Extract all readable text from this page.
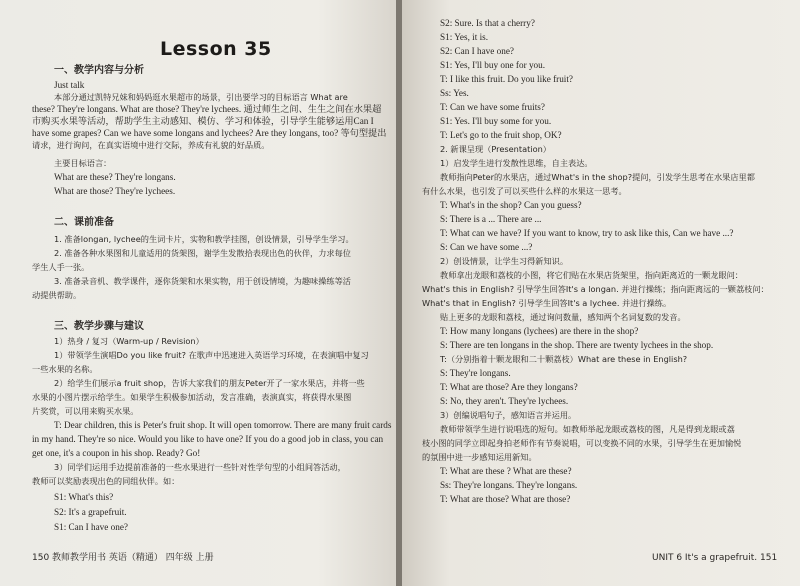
Lesson 35
一、教学内容与分析
Just talk
本部分通过凯特兄妹和妈妈逛水果超市的场景，引出要学习的目标语言 What are
these? They're longans. What are those? They're lychees. 通过师生之间、生生之间在水果超
市购买水果等活动，帮助学生主动感知、模仿、学习和体验，引导学生能够运用Can I
have some grapes? Can we have some longans and lychees? Are they longans, too? 等句型提出
请求，进行询问，在真实语境中进行交际，养成有礼貌的好品质。
主要目标语言：
What are these? They're longans.
What are those? They're lychees.
二、课前准备
1. 准备longan, lychee的生词卡片，实物和教学挂图，创设情景，引导学生学习。
2. 准备各种水果图和儿童适用的货架图，谢学生发散拾表现出色的伙伴，力求每位
学生人手一张。
3. 准备录音机、教学课件，逐你货架和水果实物，用于创设情境，为趣味操练等活
动提供帮助。
三、教学步骤与建议
1）热身 / 复习（Warm-up / Revision）
1）带领学生演唱Do you like fruit? 在歌声中迅速进入英语学习环境，在表演唱中复习
一些水果的名称。
2）给学生们展示a fruit shop，告诉大家我们的朋友Peter开了一家水果店，并将一些
水果的小图片摆示给学生。如果学生积极参加活动，发言准确，表演真实，将获得水果图
片奖赏，可以用来购买水果。
T: Dear children, this is Peter's fruit shop. It will open tomorrow. There are many fruit cards
in my hand. They're so nice. Would you like to have one? If you do a good job in class, you can
get one, it's a coupon in his shop. Ready? Go!
3）同学们运用手边提前准备的一些水果进行一些针对性学句型的小组间答活动，
教师可以奖励表现出色的同组伙伴。如：
S1: What's this?
S2: It's a grapefruit.
S1: Can I have one?
150 教师教学用书 英语（精通） 四年级 上册
S2: Sure. Is that a cherry?
S1: Yes, it is.
S2: Can I have one?
S1: Yes, I'll buy one for you.
T: I like this fruit. Do you like fruit?
Ss: Yes.
T: Can we have some fruits?
S1: Yes. I'll buy some for you.
T: Let's go to the fruit shop, OK?
2. 新课呈现（Presentation）
1）启发学生进行发散性思维，自主表达。
教师指向Peter的水果店，通过What's in the shop?提问，引发学生思考在水果店里都
有什么水果，也引发了可以买些什么样的水果这一思考。
T: What's in the shop? Can you guess?
S: There is a ... There are ...
T: What can we have? If you want to know, try to ask like this, Can we have ...?
S: Can we have some ...?
2）创设情景，让学生习得新知识。
教师拿出龙眼和荔枝的小图，将它们贴在水果店货架里，指向距离近的一颗龙眼问：
What's this in English? 引导学生回答It's a longan. 并进行操练；指向距离远的一颗荔枝问：
What's that in English? 引导学生回答It's a lychee. 并进行操练。
贴上更多的龙眼和荔枝，通过询问数量，感知两个名词复数的发音。
T: How many longans (lychees) are there in the shop?
S: There are ten longans in the shop. There are twenty lychees in the shop.
T:（分别指着十颗龙眼和二十颗荔枝）What are these in English?
S: They're longans.
T: What are those? Are they longans?
S: No, they aren't. They're lychees.
3）创编说唱句子，感知语言并运用。
教师带领学生进行说唱选的短句。如教师举起龙眼或荔枝的图，凡是得到龙眼或荔
枝小图的同学立即起身拍老师作有节奏说唱，可以变换不同的水果，引导学生在更加愉悦
的氛围中进一步感知运用新知。
T: What are these ? What are these?
Ss: They're longans. They're longans.
T: What are those? What are those?
UNIT 6 It's a grapefruit. 151
